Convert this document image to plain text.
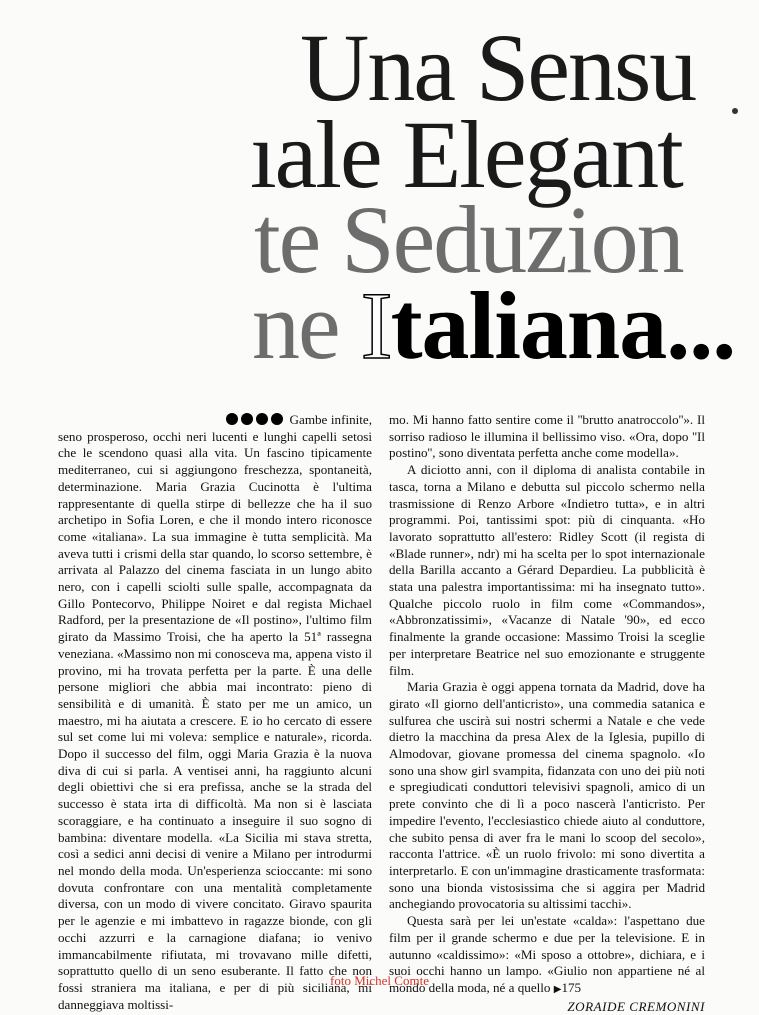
Una Sensu
ıale Elegant
te Seduzion
ne Italiana...

Gambe infinite, seno prosperoso, occhi neri lucenti e lunghi capelli setosi che le scendono quasi alla vita. Un fascino tipicamente mediterraneo, cui si aggiungono freschezza, spontaneità, determinazione. Maria Grazia Cucinotta è l'ultima rappresentante di quella stirpe di bellezze che ha il suo archetipo in Sofia Loren, e che il mondo intero riconosce come «italiana». La sua immagine è tutta semplicità. Ma aveva tutti i crismi della star quando, lo scorso settembre, è arrivata al Palazzo del cinema fasciata in un lungo abito nero, con i capelli sciolti sulle spalle, accompagnata da Gillo Pontecorvo, Philippe Noiret e dal regista Michael Radford, per la presentazione de «Il postino», l'ultimo film girato da Massimo Troisi, che ha aperto la 51ª rassegna veneziana. «Massimo non mi conosceva ma, appena visto il provino, mi ha trovata perfetta per la parte. È una delle persone migliori che abbia mai incontrato: pieno di sensibilità e di umanità. È stato per me un amico, un maestro, mi ha aiutata a crescere. E io ho cercato di essere sul set come lui mi voleva: semplice e naturale», ricorda. Dopo il successo del film, oggi Maria Grazia è la nuova diva di cui si parla. A ventisei anni, ha raggiunto alcuni degli obiettivi che si era prefissa, anche se la strada del successo è stata irta di difficoltà. Ma non si è lasciata scoraggiare, e ha continuato a inseguire il suo sogno di bambina: diventare modella. «La Sicilia mi stava stretta, così a sedici anni decisi di venire a Milano per introdurmi nel mondo della moda. Un'esperienza scioccante: mi sono dovuta confrontare con una mentalità completamente diversa, con un modo di vivere concitato. Giravo spaurita per le agenzie e mi imbattevo in ragazze bionde, con gli occhi azzurri e la carnagione diafana; io venivo immancabilmente rifiutata, mi trovavano mille difetti, soprattutto quello di un seno esuberante. Il fatto che non fossi straniera ma italiana, e per di più siciliana, mi danneggiava moltissi-

mo. Mi hanno fatto sentire come il ''brutto anatroccolo''». Il sorriso radioso le illumina il bellissimo viso. «Ora, dopo ''Il postino'', sono diventata perfetta anche come modella».

A diciotto anni, con il diploma di analista contabile in tasca, torna a Milano e debutta sul piccolo schermo nella trasmissione di Renzo Arbore «Indietro tutta», e in altri programmi. Poi, tantissimi spot: più di cinquanta. «Ho lavorato soprattutto all'estero: Ridley Scott (il regista di «Blade runner», ndr) mi ha scelta per lo spot internazionale della Barilla accanto a Gérard Depardieu. La pubblicità è stata una palestra importantissima: mi ha insegnato tutto». Qualche piccolo ruolo in film come «Commandos», «Abbronzatissimi», «Vacanze di Natale '90», ed ecco finalmente la grande occasione: Massimo Troisi la sceglie per interpretare Beatrice nel suo emozionante e struggente film.

Maria Grazia è oggi appena tornata da Madrid, dove ha girato «Il giorno dell'anticristo», una commedia satanica e sulfurea che uscirà sui nostri schermi a Natale e che vede dietro la macchina da presa Alex de la Iglesia, pupillo di Almodovar, giovane promessa del cinema spagnolo. «Io sono una show girl svampita, fidanzata con uno dei più noti e spregiudicati conduttori televisivi spagnoli, amico di un prete convinto che di lì a poco nascerà l'anticristo. Per impedire l'evento, l'ecclesiastico chiede aiuto al conduttore, che subito pensa di aver fra le mani lo scoop del secolo», racconta l'attrice. «È un ruolo frivolo: mi sono divertita a interpretarlo. E con un'immagine drasticamente trasformata: sono una bionda vistosissima che si aggira per Madrid anchegiando provocatoria su altissimi tacchi».

Questa sarà per lei un'estate «calda»: l'aspettano due film per il grande schermo e due per la televisione. E in autunno «caldissimo»: «Mi sposo a ottobre», dichiara, e i suoi occhi hanno un lampo. «Giulio non appartiene né al mondo della moda, né a quello ▶175
ZORAIDE CREMONINI

foto Michel Comte
